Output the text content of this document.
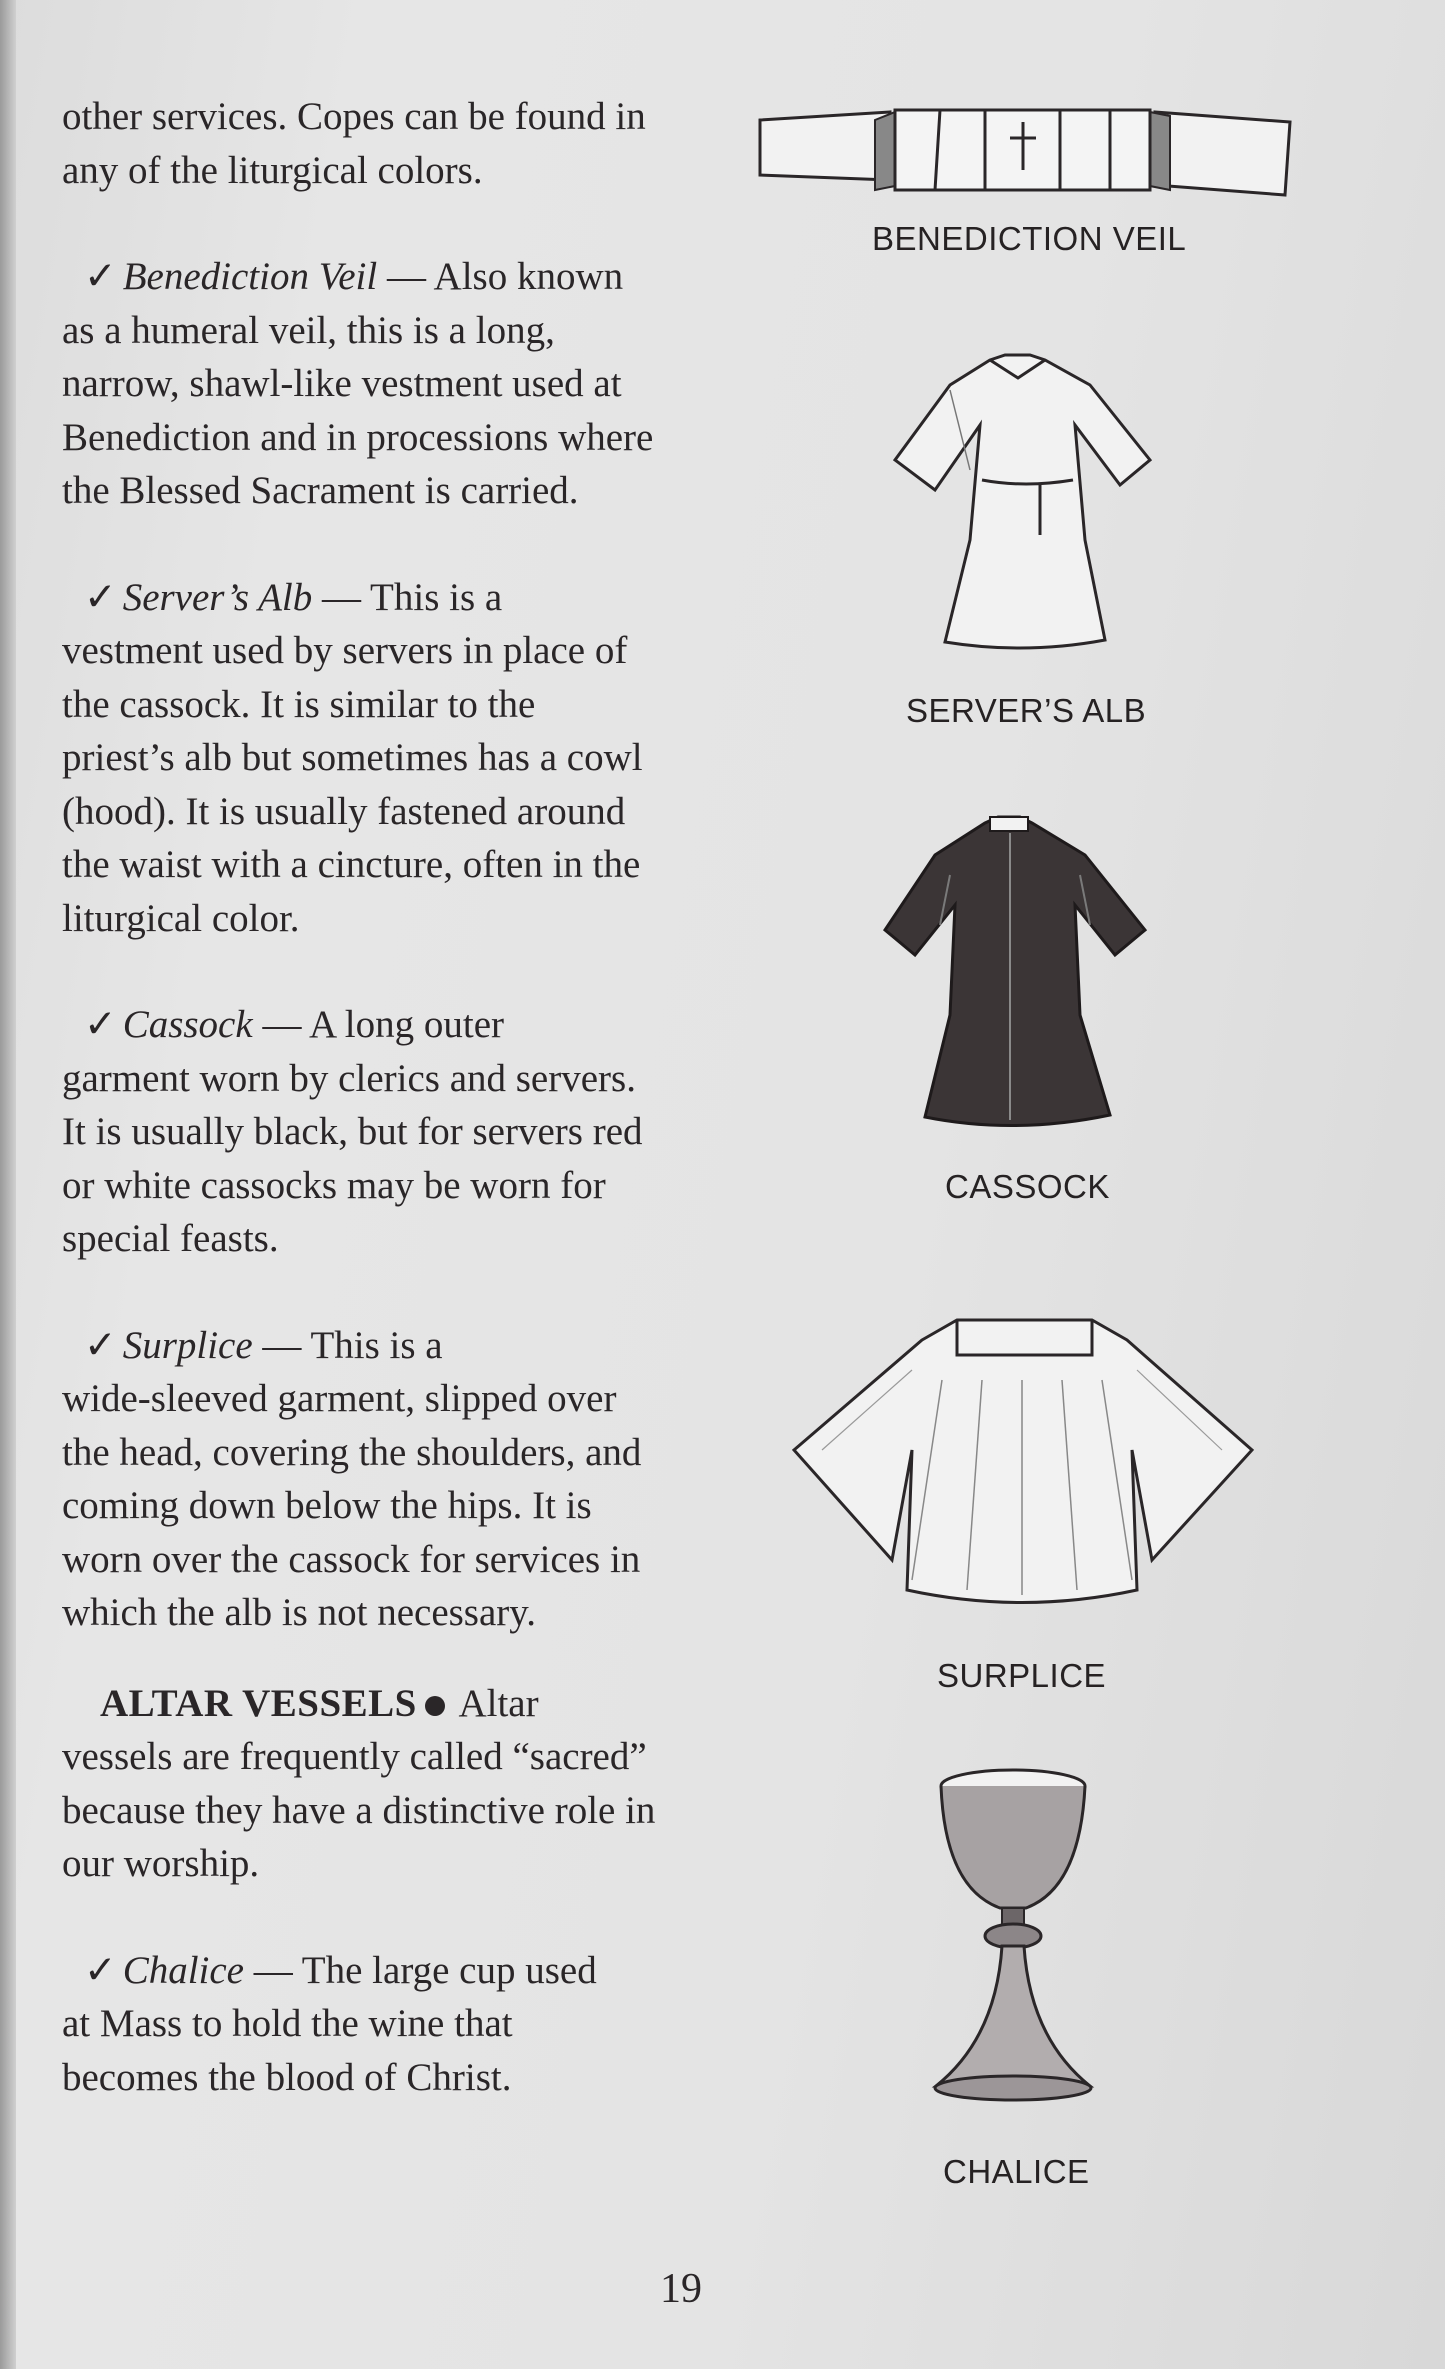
other services. Copes can be found in

any of the liturgical colors.

✓ Benediction Veil — Also known

as a humeral veil, this is a long,

narrow, shawl-like vestment used at

Benediction and in processions where

the Blessed Sacrament is carried.

✓ Server’s Alb — This is a

vestment used by servers in place of

the cassock. It is similar to the

priest’s alb but sometimes has a cowl

(hood). It is usually fastened around

the waist with a cincture, often in the

liturgical color.

✓ Cassock — A long outer

garment worn by clerics and servers.

It is usually black, but for servers red

or white cassocks may be worn for

special feasts.

✓ Surplice — This is a

wide-sleeved garment, slipped over

the head, covering the shoulders, and

coming down below the hips. It is

worn over the cassock for services in

which the alb is not necessary.

ALTAR VESSELS Altar

vessels are frequently called “sacred”

because they have a distinctive role in

our worship.

✓ Chalice — The large cup used

at Mass to hold the wine that

becomes the blood of Christ.

BENEDICTION VEIL
SERVER’S ALB
CASSOCK
SURPLICE
CHALICE
19
